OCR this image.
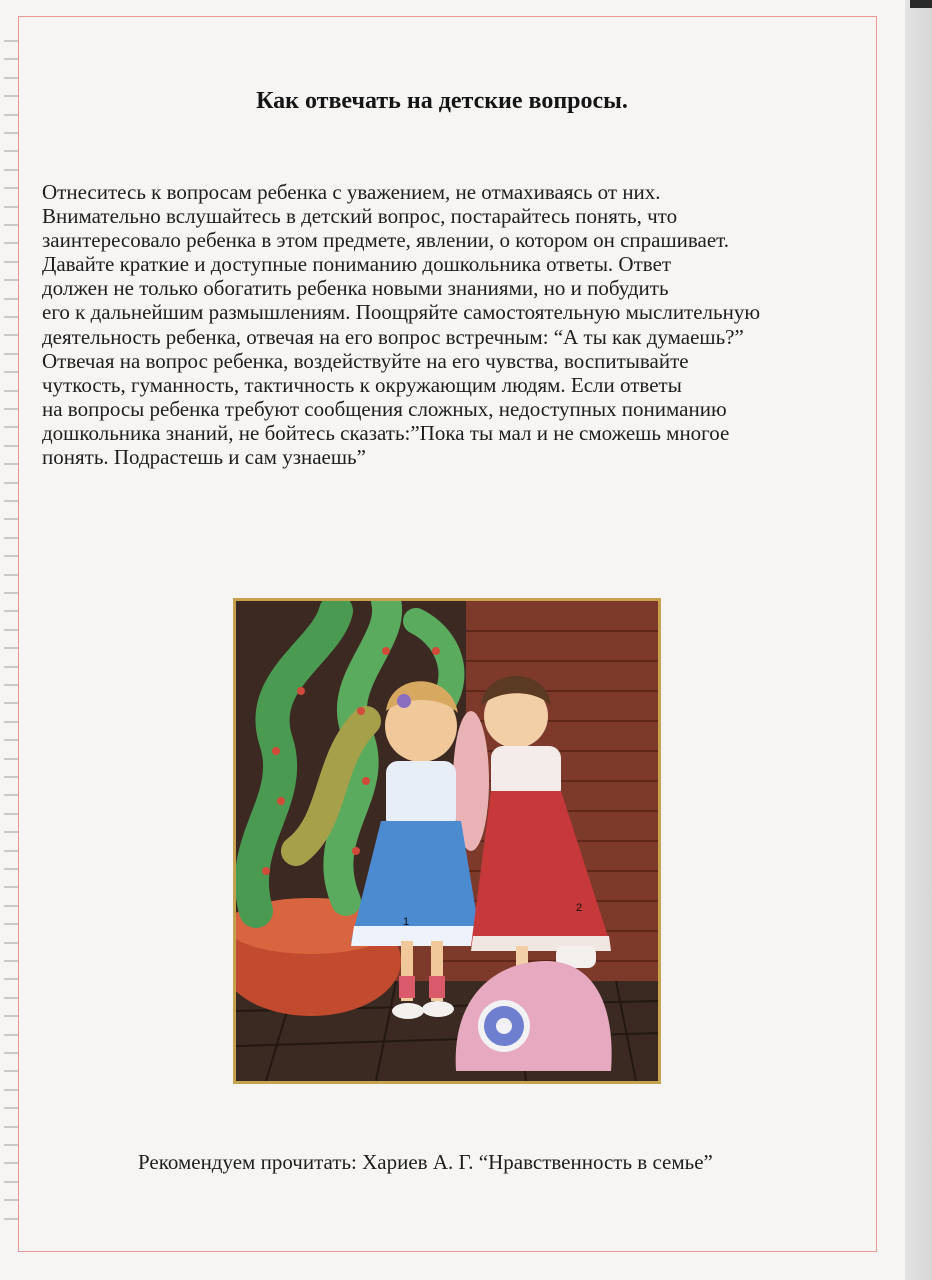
Как отвечать на детские вопросы.
Отнеситесь к вопросам ребенка с уважением, не отмахиваясь от них.
Внимательно вслушайтесь в детский вопрос, постарайтесь понять, что
заинтересовало ребенка в этом предмете, явлении, о котором он спрашивает.
Давайте краткие и доступные пониманию дошкольника ответы. Ответ
должен не только обогатить ребенка новыми знаниями, но и побудить
его к дальнейшим размышлениям. Поощряйте самостоятельную мыслительную
деятельность ребенка, отвечая на его вопрос встречным: “А ты как думаешь?”
Отвечая на вопрос ребенка, воздействуйте на его чувства, воспитывайте
чуткость, гуманность, тактичность к окружающим людям. Если ответы
на вопросы ребенка требуют сообщения сложных, недоступных пониманию
дошкольника знаний, не бойтесь сказать:”Пока ты мал и не сможешь многое
понять. Подрастешь и сам узнаешь”
1
2
Рекомендуем прочитать: Хариев А. Г. “Нравственность в семье”
